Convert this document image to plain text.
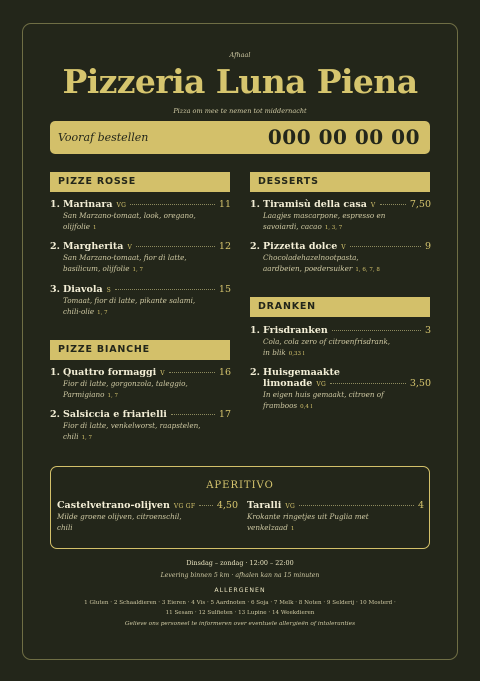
Afhaal
Pizzeria Luna Piena
Pizza om mee te nemen tot middernacht
Vooraf bestellen	000 00 00 00
PIZZE ROSSE
1. Marinara VG	11
San Marzano-tomaat, look, oregano,
olijfolie 1
2. Margherita V	12
San Marzano-tomaat, fior di latte,
basilicum, olijfolie 1, 7
3. Diavola S	15
Tomaat, fior di latte, pikante salami,
chili-olie 1, 7
PIZZE BIANCHE
1. Quattro formaggi V	16
Fior di latte, gorgonzola, taleggio,
Parmigiano 1, 7
2. Salsiccia e friarielli	17
Fior di latte, venkelworst, raapstelen,
chili 1, 7
DESSERTS
1. Tiramisù della casa V	7,50
Laagjes mascarpone, espresso en
savoiardi, cacao 1, 3, 7
2. Pizzetta dolce V	9
Chocoladehazelnootpasta,
aardbeien, poedersuiker 1, 6, 7, 8
DRANKEN
1. Frisdranken	3
Cola, cola zero of citroenfrisdrank,
in blik 0,33 l
2. Huisgemaakte
limonade VG	3,50
In eigen huis gemaakt, citroen of
framboos 0,4 l
APERITIVO
Castelvetrano-olijven VG GF 4,50
Milde groene olijven, citroenschil,
chili
Taralli VG	4
Krokante ringetjes uit Puglia met
venkelzaad 1
Dinsdag – zondag · 12:00 – 22:00
Levering binnen 5 km · afhalen kan na 15 minuten
ALLERGENEN
1 Gluten · 2 Schaaldieren · 3 Eieren · 4 Vis · 5 Aardnoten · 6 Soja · 7 Melk · 8 Noten · 9 Selderij · 10 Mosterd ·
11 Sesam · 12 Sulfieten · 13 Lupine · 14 Weekdieren
Gelieve ons personeel te informeren over eventuele allergieën of intoleranties
